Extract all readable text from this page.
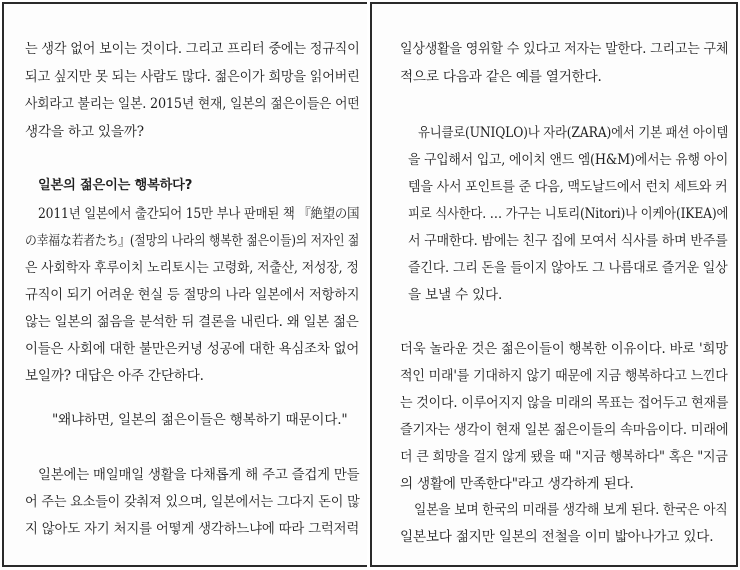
는 생각 없어 보이는 것이다. 그리고 프리터 중에는 정규직이
되고 싶지만 못 되는 사람도 많다. 젊은이가 희망을 읽어버린
사회라고 불리는 일본. 2015년 현재, 일본의 젊은이들은 어떤
생각을 하고 있을까?
일본의 젊은이는 행복하다?
2011년 일본에서 출간되어 15만 부나 판매된 책 『絶望の国
の幸福な若者たち』(절망의 나라의 행복한 젊은이들)의 저자인 젊
은 사회학자 후루이치 노리토시는 고령화, 저출산, 저성장, 정
규직이 되기 어려운 현실 등 절망의 나라 일본에서 저항하지
않는 일본의 젊음을 분석한 뒤 결론을 내린다. 왜 일본 젊은
이들은 사회에 대한 불만은커녕 성공에 대한 욕심조차 없어
보일까? 대답은 아주 간단하다.
"왜냐하면, 일본의 젊은이들은 행복하기 때문이다."
일본에는 매일매일 생활을 다채롭게 해 주고 즐겁게 만들
어 주는 요소들이 갖춰져 있으며, 일본에서는 그다지 돈이 많
지 않아도 자기 처지를 어떻게 생각하느냐에 따라 그럭저럭
일상생활을 영위할 수 있다고 저자는 말한다. 그리고는 구체
적으로 다음과 같은 예를 열거한다.
유니클로(UNIQLO)나 자라(ZARA)에서 기본 패션 아이템
을 구입해서 입고, 에이치 앤드 엠(H&M)에서는 유행 아이
템을 사서 포인트를 준 다음, 맥도날드에서 런치 세트와 커
피로 식사한다. … 가구는 니토리(Nitori)나 이케아(IKEA)에
서 구매한다. 밤에는 친구 집에 모여서 식사를 하며 반주를
즐긴다. 그리 돈을 들이지 않아도 그 나름대로 즐거운 일상
을 보낼 수 있다.
더욱 놀라운 것은 젊은이들이 행복한 이유이다. 바로 '희망
적인 미래'를 기대하지 않기 때문에 지금 행복하다고 느낀다
는 것이다. 이루어지지 않을 미래의 목표는 접어두고 현재를
즐기자는 생각이 현재 일본 젊은이들의 속마음이다. 미래에
더 큰 희망을 걸지 않게 됐을 때 "지금 행복하다" 혹은 "지금
의 생활에 만족한다"라고 생각하게 된다.
일본을 보며 한국의 미래를 생각해 보게 된다. 한국은 아직
일본보다 젊지만 일본의 전철을 이미 밟아나가고 있다.
